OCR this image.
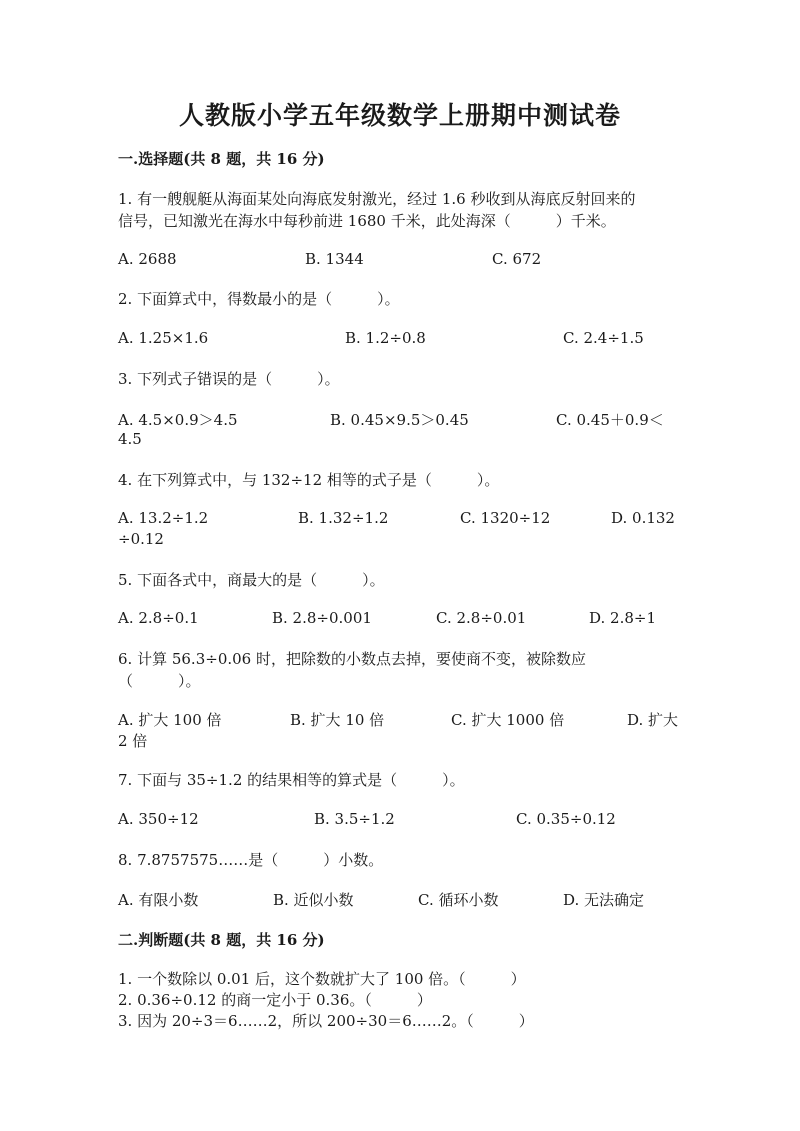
人教版小学五年级数学上册期中测试卷
一.选择题(共 8 题，共 16 分)
1. 有一艘舰艇从海面某处向海底发射激光，经过 1.6 秒收到从海底反射回来的
信号，已知激光在海水中每秒前进 1680 千米，此处海深（　　　）千米。
A. 2688	B. 1344	C. 672
2. 下面算式中，得数最小的是（　　　）。
A. 1.25×1.6	B. 1.2÷0.8	C. 2.4÷1.5
3. 下列式子错误的是（　　　）。
A. 4.5×0.9＞4.5	B. 0.45×9.5＞0.45	C. 0.45＋0.9＜
4.5
4. 在下列算式中，与 132÷12 相等的式子是（　　　）。
A. 13.2÷1.2	B. 1.32÷1.2	C. 1320÷12	D. 0.132
÷0.12
5. 下面各式中，商最大的是（　　　）。
A. 2.8÷0.1	B. 2.8÷0.001	C. 2.8÷0.01	D. 2.8÷1
6. 计算 56.3÷0.06 时，把除数的小数点去掉，要使商不变，被除数应
（　　　）。
A. 扩大 100 倍	B. 扩大 10 倍	C. 扩大 1000 倍	D. 扩大
2 倍
7. 下面与 35÷1.2 的结果相等的算式是（　　　）。
A. 350÷12	B. 3.5÷1.2	C. 0.35÷0.12
8. 7.8757575……是（　　　）小数。
A. 有限小数	B. 近似小数	C. 循环小数	D. 无法确定
二.判断题(共 8 题，共 16 分)
1. 一个数除以 0.01 后，这个数就扩大了 100 倍。（　　　）
2. 0.36÷0.12 的商一定小于 0.36。（　　　）
3. 因为 20÷3＝6……2，所以 200÷30＝6……2。（　　　）
